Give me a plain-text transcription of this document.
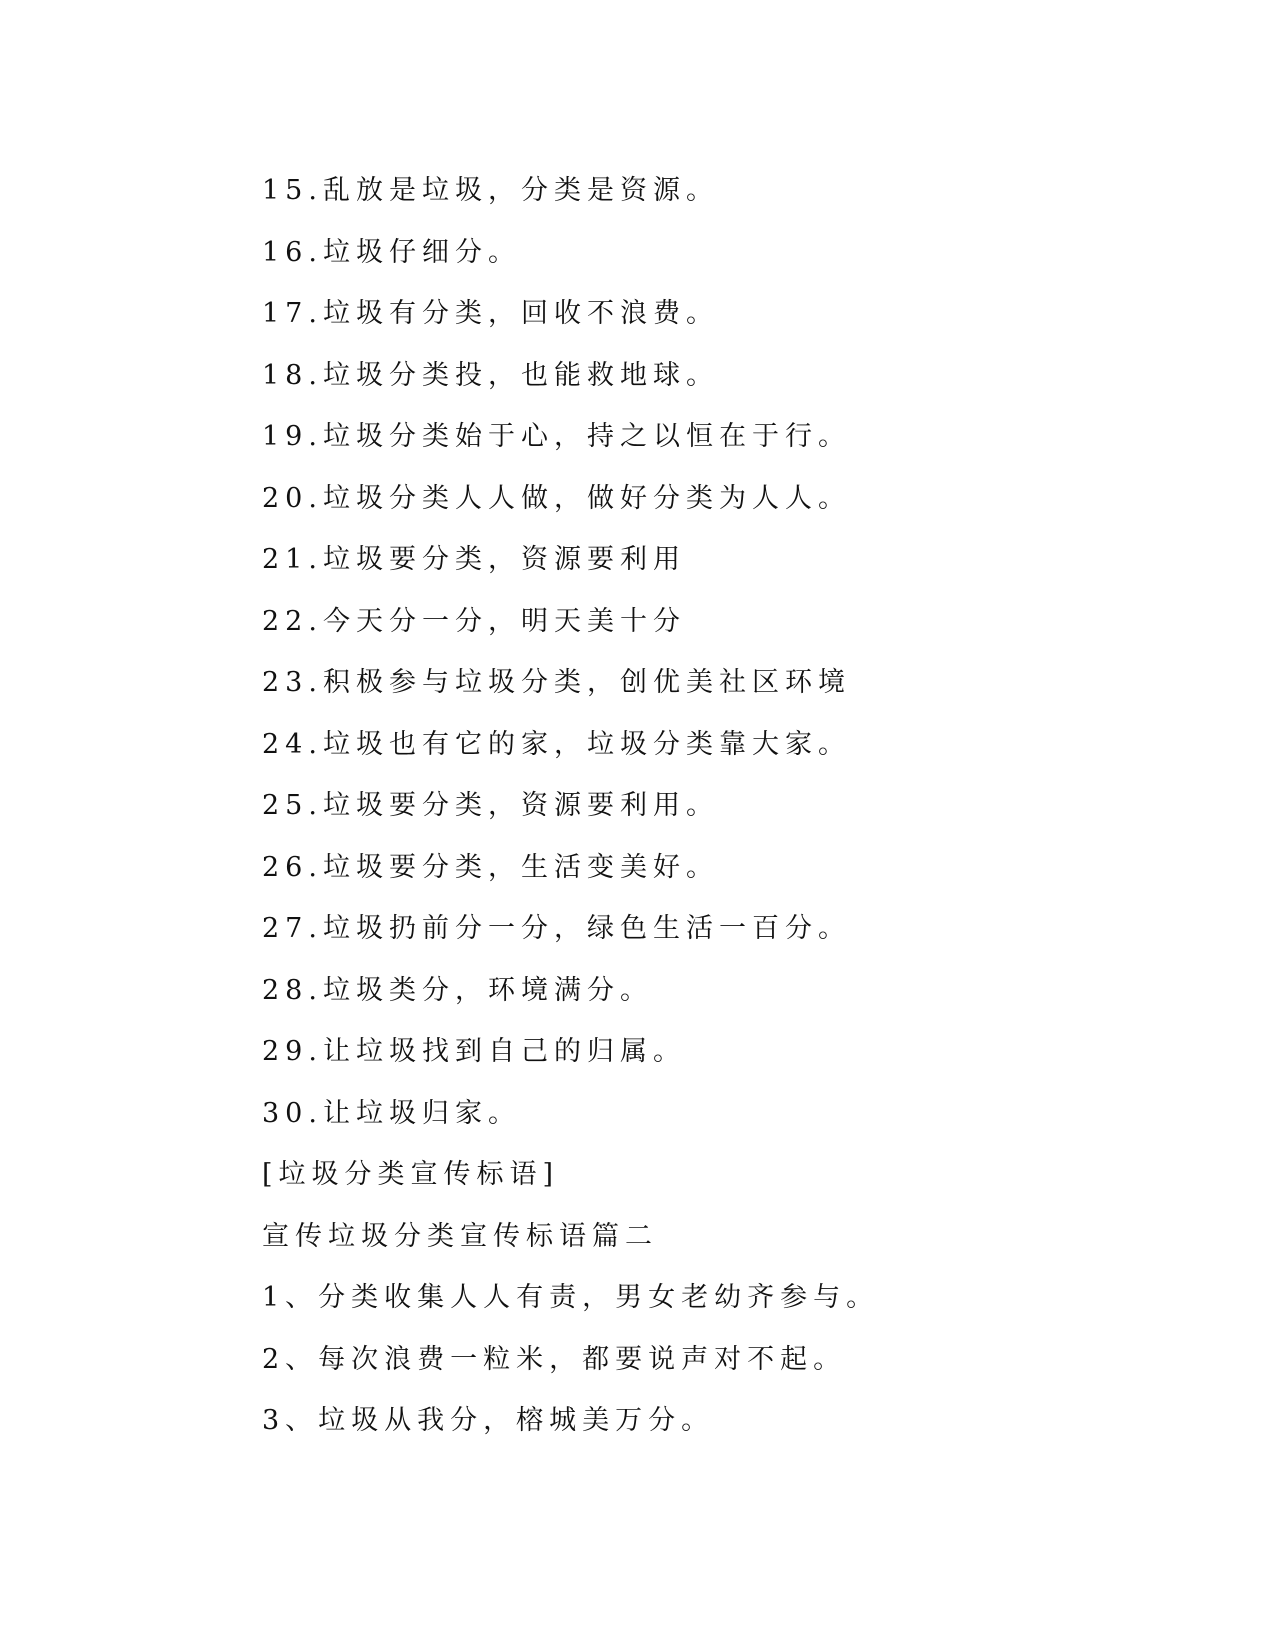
15.乱放是垃圾，分类是资源。
16.垃圾仔细分。
17.垃圾有分类，回收不浪费。
18.垃圾分类投，也能救地球。
19.垃圾分类始于心，持之以恒在于行。
20.垃圾分类人人做，做好分类为人人。
21.垃圾要分类，资源要利用
22.今天分一分，明天美十分
23.积极参与垃圾分类，创优美社区环境
24.垃圾也有它的家，垃圾分类靠大家。
25.垃圾要分类，资源要利用。
26.垃圾要分类，生活变美好。
27.垃圾扔前分一分，绿色生活一百分。
28.垃圾类分，环境满分。
29.让垃圾找到自己的归属。
30.让垃圾归家。
[垃圾分类宣传标语]
宣传垃圾分类宣传标语篇二
1、分类收集人人有责，男女老幼齐参与。
2、每次浪费一粒米，都要说声对不起。
3、垃圾从我分，榕城美万分。
